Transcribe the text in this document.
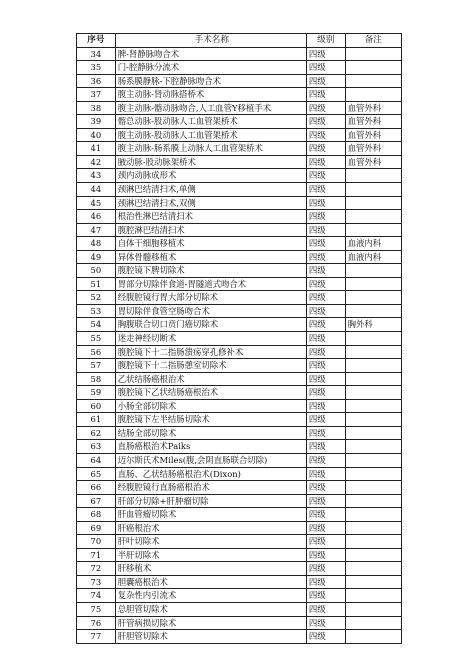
序号	手术名称	级别	备注
34	脾-肾静脉吻合术	四级	
35	门-腔静脉分流术	四级	
36	肠系膜静脉-下腔静脉吻合术	四级	
37	腹主动脉-肾动脉搭桥术	四级	
38	腹主动脉-髂动脉吻合,人工血管Y移植手术	四级	血管外科
39	髂总动脉-股动脉人工血管架桥术	四级	血管外科
40	腹主动脉-股动脉人工血管架桥术	四级	血管外科
41	腹主动脉-肠系膜上动脉人工血管架桥术	四级	血管外科
42	腋动脉-股动脉架桥术	四级	血管外科
43	颈内动脉成形术	四级	
44	颈淋巴结清扫术,单侧	四级	
45	颈淋巴结清扫术,双侧	四级	
46	根治性淋巴结清扫术	四级	
47	腹腔淋巴结清扫术	四级	
48	自体干细胞移植术	四级	血液内科
49	异体骨髓移植术	四级	血液内科
50	腹腔镜下脾切除术	四级	
51	胃部分切除伴食道-胃隧道式吻合术	四级	
52	经腹腔镜行胃大部分切除术	四级	
53	胃切除伴食管空肠吻合术	四级	
54	胸腹联合切口贲门癌切除术	四级	胸外科
55	迷走神经切断术	四级	
56	腹腔镜下十二指肠溃疡穿孔修补术	四级	
57	腹腔镜下十二指肠憩室切除术	四级	
58	乙状结肠癌根治术	四级	
59	腹腔镜下乙状结肠癌根治术	四级	
60	小肠全部切除术	四级	
61	腹腔镜下左半结肠切除术	四级	
62	结肠全部切除术	四级	
63	直肠癌根治术Paiks	四级	
64	迈尔斯氏术Miles(腹,会阴直肠联合切除)	四级	
65	直肠、乙状结肠癌根治术(Dixon)	四级	
66	经腹腔镜行直肠癌根治术	四级	
67	肝部分切除+肝肿瘤切除	四级	
68	肝血管瘤切除术	四级	
69	肝癌根治术	四级	
70	肝叶切除术	四级	
71	半肝切除术	四级	
72	肝移植术	四级	
73	胆囊癌根治术	四级	
74	复杂性内引流术	四级	
75	总胆管切除术	四级	
76	肝管病损切除术	四级	
77	肝胆管切除术	四级	
